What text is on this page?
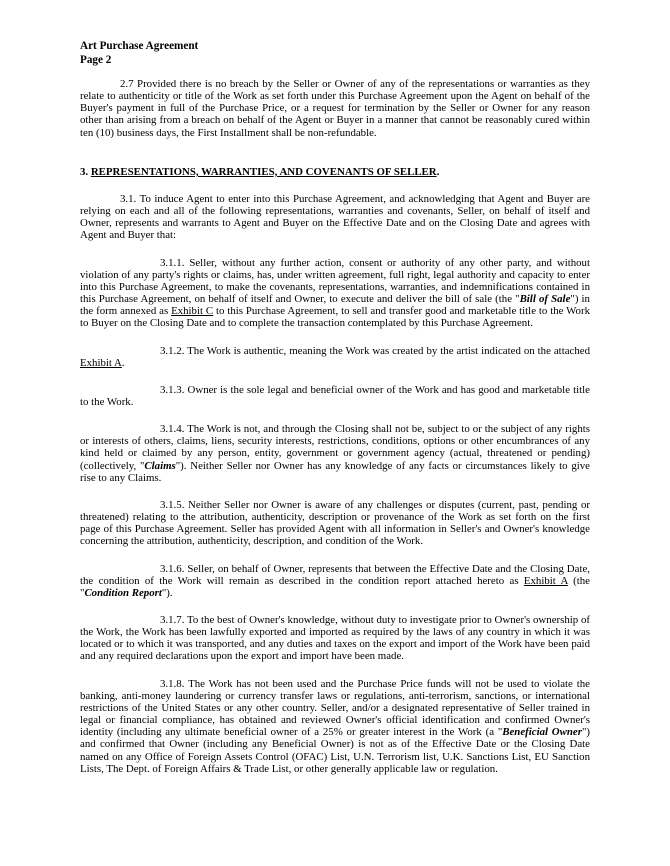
Art Purchase Agreement
Page 2

2.7 Provided there is no breach by the Seller or Owner of any of the representations or warranties as they relate to authenticity or title of the Work as set forth under this Purchase Agreement upon the Agent on behalf of the Buyer's payment in full of the Purchase Price, or a request for termination by the Seller or Owner for any reason other than arising from a breach on behalf of the Agent or Buyer in a manner that cannot be reasonably cured within ten (10) business days, the First Installment shall be non-refundable.

3. REPRESENTATIONS, WARRANTIES, AND COVENANTS OF SELLER.

3.1. To induce Agent to enter into this Purchase Agreement, and acknowledging that Agent and Buyer are relying on each and all of the following representations, warranties and covenants, Seller, on behalf of itself and Owner, represents and warrants to Agent and Buyer on the Effective Date and on the Closing Date and agrees with Agent and Buyer that:

3.1.1. Seller, without any further action, consent or authority of any other party, and without violation of any party's rights or claims, has, under written agreement, full right, legal authority and capacity to enter into this Purchase Agreement, to make the covenants, representations, warranties, and indemnifications contained in this Purchase Agreement, on behalf of itself and Owner, to execute and deliver the bill of sale (the "Bill of Sale") in the form annexed as Exhibit C to this Purchase Agreement, to sell and transfer good and marketable title to the Work to Buyer on the Closing Date and to complete the transaction contemplated by this Purchase Agreement.

3.1.2. The Work is authentic, meaning the Work was created by the artist indicated on the attached Exhibit A.

3.1.3. Owner is the sole legal and beneficial owner of the Work and has good and marketable title to the Work.

3.1.4. The Work is not, and through the Closing shall not be, subject to or the subject of any rights or interests of others, claims, liens, security interests, restrictions, conditions, options or other encumbrances of any kind held or claimed by any person, entity, government or government agency (actual, threatened or pending) (collectively, "Claims"). Neither Seller nor Owner has any knowledge of any facts or circumstances likely to give rise to any Claims.

3.1.5. Neither Seller nor Owner is aware of any challenges or disputes (current, past, pending or threatened) relating to the attribution, authenticity, description or provenance of the Work as set forth on the first page of this Purchase Agreement. Seller has provided Agent with all information in Seller's and Owner's knowledge concerning the attribution, authenticity, description, and condition of the Work.

3.1.6. Seller, on behalf of Owner, represents that between the Effective Date and the Closing Date, the condition of the Work will remain as described in the condition report attached hereto as Exhibit A (the "Condition Report").

3.1.7. To the best of Owner's knowledge, without duty to investigate prior to Owner's ownership of the Work, the Work has been lawfully exported and imported as required by the laws of any country in which it was located or to which it was transported, and any duties and taxes on the export and import of the Work have been paid and any required declarations upon the export and import have been made.

3.1.8. The Work has not been used and the Purchase Price funds will not be used to violate the banking, anti-money laundering or currency transfer laws or regulations, anti-terrorism, sanctions, or international restrictions of the United States or any other country. Seller, and/or a designated representative of Seller trained in legal or financial compliance, has obtained and reviewed Owner's official identification and confirmed Owner's identity (including any ultimate beneficial owner of a 25% or greater interest in the Work (a "Beneficial Owner") and confirmed that Owner (including any Beneficial Owner) is not as of the Effective Date or the Closing Date named on any Office of Foreign Assets Control (OFAC) List, U.N. Terrorism list, U.K. Sanctions List, EU Sanction Lists, The Dept. of Foreign Affairs & Trade List, or other generally applicable law or regulation.
